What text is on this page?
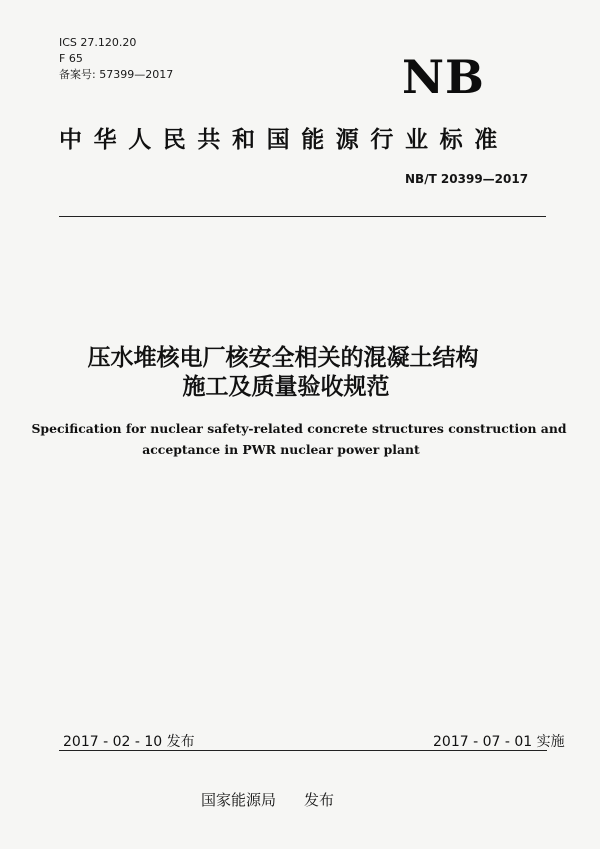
ICS 27.120.20
F 65
备案号: 57399—2017	NB
中华人民共和国能源行业标准
NB/T 20399—2017
压水堆核电厂核安全相关的混凝土结构
施工及质量验收规范
Specification for nuclear safety-related concrete structures construction and
acceptance in PWR nuclear power plant
2017 - 02 - 10 发布	2017 - 07 - 01 实施
国家能源局 发布
